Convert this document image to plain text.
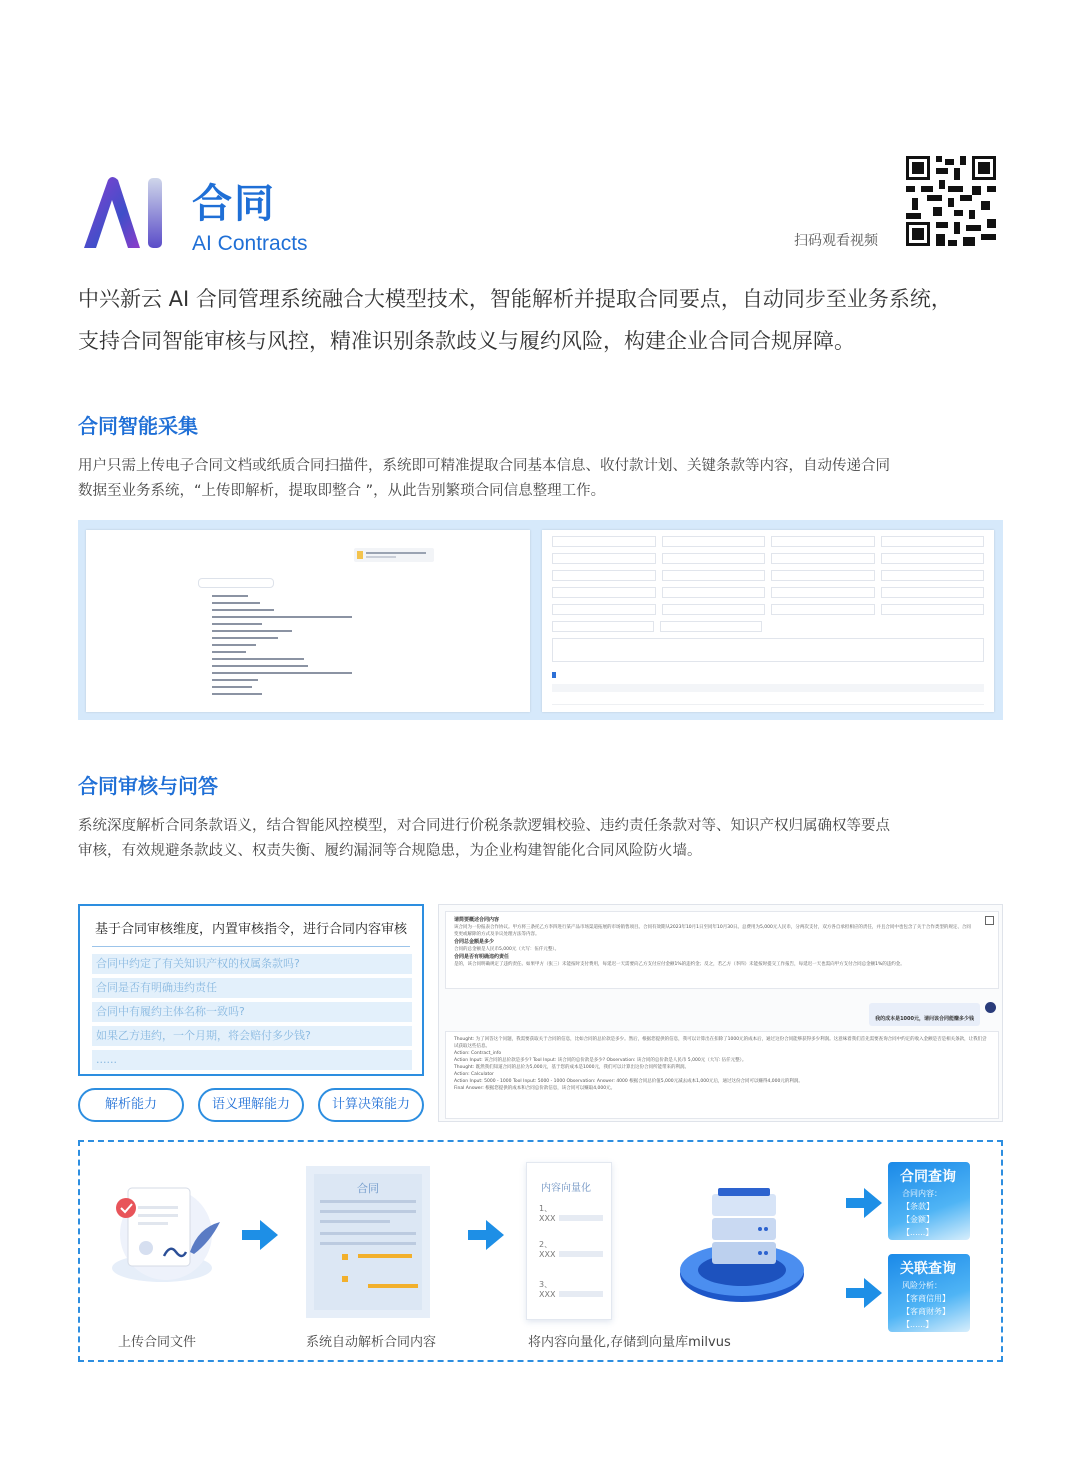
合同
AI Contracts	扫码观看视频
中兴新云 AI 合同管理系统融合大模型技术，智能解析并提取合同要点，自动同步至业务系统，
支持合同智能审核与风控，精准识别条款歧义与履约风险，构建企业合同合规屏障。
合同智能采集
用户只需上传电子合同文档或纸质合同扫描件，系统即可精准提取合同基本信息、收付款计划、关键条款等内容，自动传递合同
数据至业务系统，“上传即解析，提取即整合 ”，从此告别繁琐合同信息整理工作。
合同审核与问答
系统深度解析合同条款语义，结合智能风控模型，对合同进行价税条款逻辑校验、违约责任条款对等、知识产权归属确权等要点
审核，有效规避条款歧义、权责失衡、履约漏洞等合规隐患，为企业构建智能化合同风险防火墙。
基于合同审核维度，内置审核指令，进行合同内容审核
合同中约定了有关知识产权的权属条款吗?
合同是否有明确违约责任
合同中有履约主体名称一致吗?
如果乙方违约，一个月期，将会赔付多少钱?
......
解析能力	语义理解能力	计算决策能力
请简要概述合同内容
该合同为一份报表合作协议。甲方将三条托乙方李四进行某产品市场渠道拓展的市场销售项目。合同有效期从2023年10月1日至同年10月30日。总费用为5,000元人民币，分两次支付，双方各自承担相应的责任，并且合同中也包含了关于合作类型的规定、合同变更或解除的方式及争议处理方法等内容。
合同总金额是多少
合同的总金额是人民币5,000元（大写：伍仟元整）。
合同是否有明确违约责任
是的，该合同明确规定了违约责任。如果甲方（张三）未能按时支付费用，每延迟一天需要向乙方支付应付金额1%的违约金；反之，若乙方（李四）未能按时提交工作报告，每延迟一天也需向甲方支付合同总金额1%的违约金。
我的成本是1000元，请问该合同能赚多少钱
Thought: 为了回答这个问题，我需要获取关于合同的信息，比如合同的总价款是多少。然后，根据您提供的信息，我可以计算出在扣除了1000元的成本后，通过这份合同能够获得多少利润。这意味着我们首先需要查询合同中约定的收入金额是否是相关条款，让我们尝试获取这些信息。
Action: Contract_info
Action Input: 该合同的总价款是多少? Tool Input: 该合同的总价款是多少? Observation: 该合同的总价款是人民币 5,000元（大写: 伍仟元整）。
Thought: 既然我们知道合同的总价为5,000元，基于您的成本是1000元，我们可以计算出这份合同所能带来的利润。
Action: Calculator
Action Input: 5000 - 1000 Tool Input: 5000 - 1000 Observation: Answer: 4000 根据合同总价值5,000元减去成本1,000元后，通过这份合同可以赚得4,000元的利润。
Final Answer: 根据您提供的成本和合同总价款信息，该合同可以赚取4,000元。
上传合同文件
合同
系统自动解析合同内容
内容向量化
1、
XXX
2、
XXX
3、
XXX
将内容向量化,存储到向量库milvus
合同查询
合同内容：
【条款】
【金额】
【......】
关联查询
风险分析：
【客商信用】
【客商财务】
【......】
